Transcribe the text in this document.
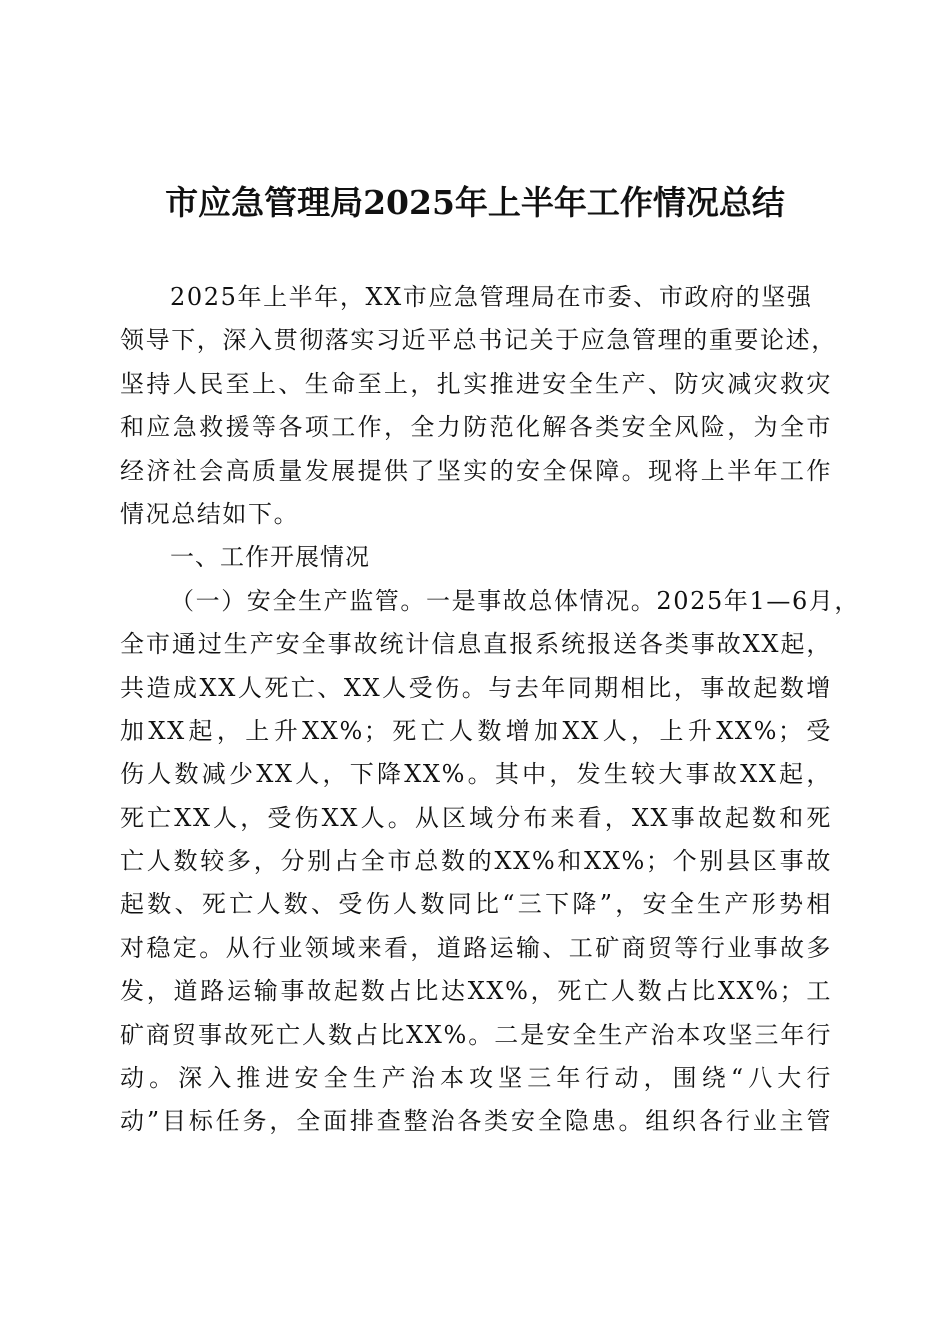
市应急管理局2025年上半年工作情况总结
2025年上半年，XX市应急管理局在市委、市政府的坚强
领导下，深入贯彻落实习近平总书记关于应急管理的重要论述，
坚持人民至上、生命至上，扎实推进安全生产、防灾减灾救灾
和应急救援等各项工作，全力防范化解各类安全风险，为全市
经济社会高质量发展提供了坚实的安全保障。现将上半年工作
情况总结如下。
一、工作开展情况
（一）安全生产监管。一是事故总体情况。2025年1—6月，
全市通过生产安全事故统计信息直报系统报送各类事故XX起，
共造成XX人死亡、XX人受伤。与去年同期相比，事故起数增
加XX起，上升XX%；死亡人数增加XX人，上升XX%；受
伤人数减少XX人，下降XX%。其中，发生较大事故XX起，
死亡XX人，受伤XX人。从区域分布来看，XX事故起数和死
亡人数较多，分别占全市总数的XX%和XX%；个别县区事故
起数、死亡人数、受伤人数同比“三下降”，安全生产形势相
对稳定。从行业领域来看，道路运输、工矿商贸等行业事故多
发，道路运输事故起数占比达XX%，死亡人数占比XX%；工
矿商贸事故死亡人数占比XX%。二是安全生产治本攻坚三年行
动。深入推进安全生产治本攻坚三年行动，围绕“八大行
动”目标任务，全面排查整治各类安全隐患。组织各行业主管
